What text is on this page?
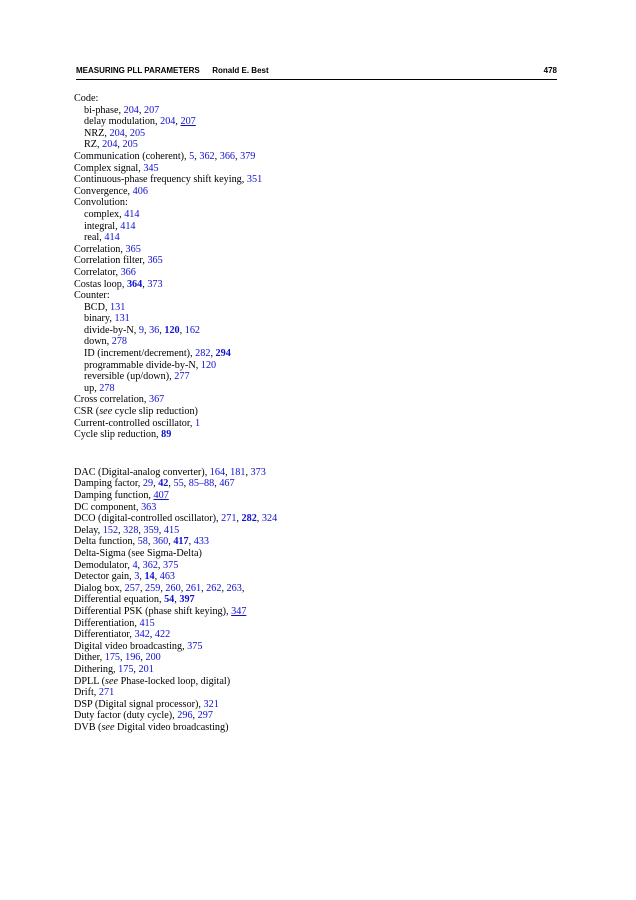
MEASURING PLL PARAMETERS Ronald E. Best	478
Code:
bi-phase, 204, 207
delay modulation, 204, 207
NRZ, 204, 205
RZ, 204, 205
Communication (coherent), 5, 362, 366, 379
Complex signal, 345
Continuous-phase frequency shift keying, 351
Convergence, 406
Convolution:
complex, 414
integral, 414
real, 414
Correlation, 365
Correlation filter, 365
Correlator, 366
Costas loop, 364, 373
Counter:
BCD, 131
binary, 131
divide-by-N, 9, 36, 120, 162
down, 278
ID (increment/decrement), 282, 294
programmable divide-by-N, 120
reversible (up/down), 277
up, 278
Cross correlation, 367
CSR (see cycle slip reduction)
Current-controlled oscillator, 1
Cycle slip reduction, 89
DAC (Digital-analog converter), 164, 181, 373
Damping factor, 29, 42, 55, 85–88, 467
Damping function, 407
DC component, 363
DCO (digital-controlled oscillator), 271, 282, 324
Delay, 152, 328, 359, 415
Delta function, 58, 360, 417, 433
Delta-Sigma (see Sigma-Delta)
Demodulator, 4, 362, 375
Detector gain, 3, 14, 463
Dialog box, 257, 259, 260, 261, 262, 263,
Differential equation, 54, 397
Differential PSK (phase shift keying), 347
Differentiation, 415
Differentiator, 342, 422
Digital video broadcasting, 375
Dither, 175, 196, 200
Dithering, 175, 201
DPLL (see Phase-locked loop, digital)
Drift, 271
DSP (Digital signal processor), 321
Duty factor (duty cycle), 296, 297
DVB (see Digital video broadcasting)
